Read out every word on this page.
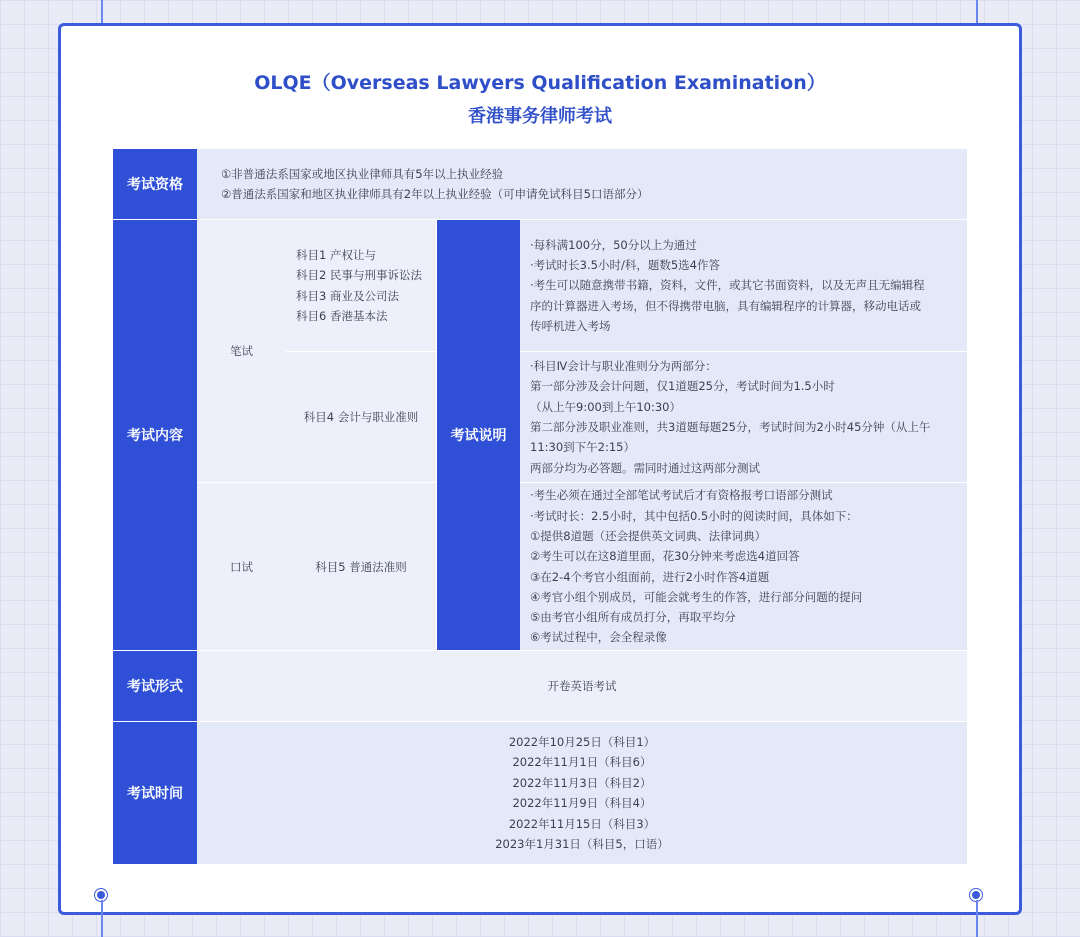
OLQE（Overseas Lawyers Qualification Examination）
香港事务律师考试
考试资格
①非普通法系国家或地区执业律师具有5年以上执业经验
②普通法系国家和地区执业律师具有2年以上执业经验（可申请免试科目5口语部分）
考试内容
笔试
科目1 产权让与
科目2 民事与刑事诉讼法
科目3 商业及公司法
科目6 香港基本法
科目4 会计与职业准则
口试	科目5 普通法准则
考试说明
·每科满100分，50分以上为通过
·考试时长3.5小时/科，题数5选4作答
·考生可以随意携带书籍，资料，文件，或其它书面资料，以及无声且无编辑程
序的计算器进入考场，但不得携带电脑，具有编辑程序的计算器，移动电话或
传呼机进入考场
·科目Ⅳ会计与职业准则分为两部分：
第一部分涉及会计问题，仅1道题25分，考试时间为1.5小时
（从上午9:00到上午10:30）
第二部分涉及职业准则，共3道题每题25分，考试时间为2小时45分钟（从上午
11:30到下午2:15）
两部分均为必答题。需同时通过这两部分测试
·考生必须在通过全部笔试考试后才有资格报考口语部分测试
·考试时长：2.5小时，其中包括0.5小时的阅读时间，具体如下：
①提供8道题（还会提供英文词典、法律词典）
②考生可以在这8道里面，花30分钟来考虑选4道回答
③在2-4个考官小组面前，进行2小时作答4道题
④考官小组个别成员，可能会就考生的作答，进行部分问题的提问
⑤由考官小组所有成员打分，再取平均分
⑥考试过程中，会全程录像
考试形式	开卷英语考试
考试时间
2022年10月25日（科目1）
2022年11月1日（科目6）
2022年11月3日（科目2）
2022年11月9日（科目4）
2022年11月15日（科目3）
2023年1月31日（科目5，口语）
